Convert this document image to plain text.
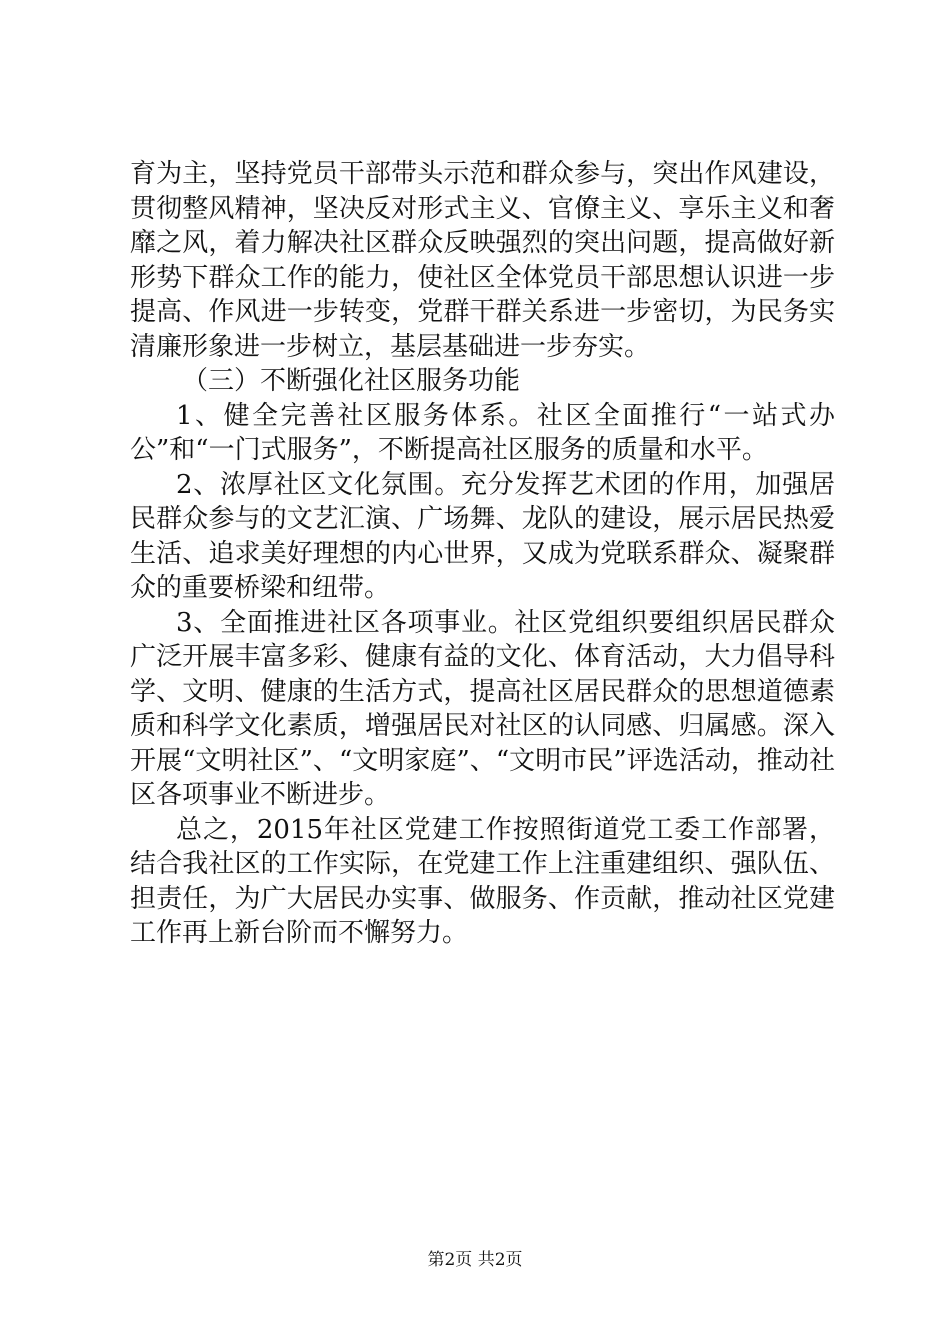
育为主，坚持党员干部带头示范和群众参与，突出作风建设，贯彻整风精神，坚决反对形式主义、官僚主义、享乐主义和奢靡之风，着力解决社区群众反映强烈的突出问题，提高做好新形势下群众工作的能力，使社区全体党员干部思想认识进一步提高、作风进一步转变，党群干群关系进一步密切，为民务实清廉形象进一步树立，基层基础进一步夯实。

（三）不断强化社区服务功能

1、健全完善社区服务体系。社区全面推行“一站式办公”和“一门式服务”，不断提高社区服务的质量和水平。

2、浓厚社区文化氛围。充分发挥艺术团的作用，加强居民群众参与的文艺汇演、广场舞、龙队的建设，展示居民热爱生活、追求美好理想的内心世界，又成为党联系群众、凝聚群众的重要桥梁和纽带。

3、全面推进社区各项事业。社区党组织要组织居民群众广泛开展丰富多彩、健康有益的文化、体育活动，大力倡导科学、文明、健康的生活方式，提高社区居民群众的思想道德素质和科学文化素质，增强居民对社区的认同感、归属感。深入开展“文明社区”、“文明家庭”、“文明市民”评选活动，推动社区各项事业不断进步。

总之，2015年社区党建工作按照街道党工委工作部署，结合我社区的工作实际，在党建工作上注重建组织、强队伍、担责任，为广大居民办实事、做服务、作贡献，推动社区党建工作再上新台阶而不懈努力。

第2页 共2页
